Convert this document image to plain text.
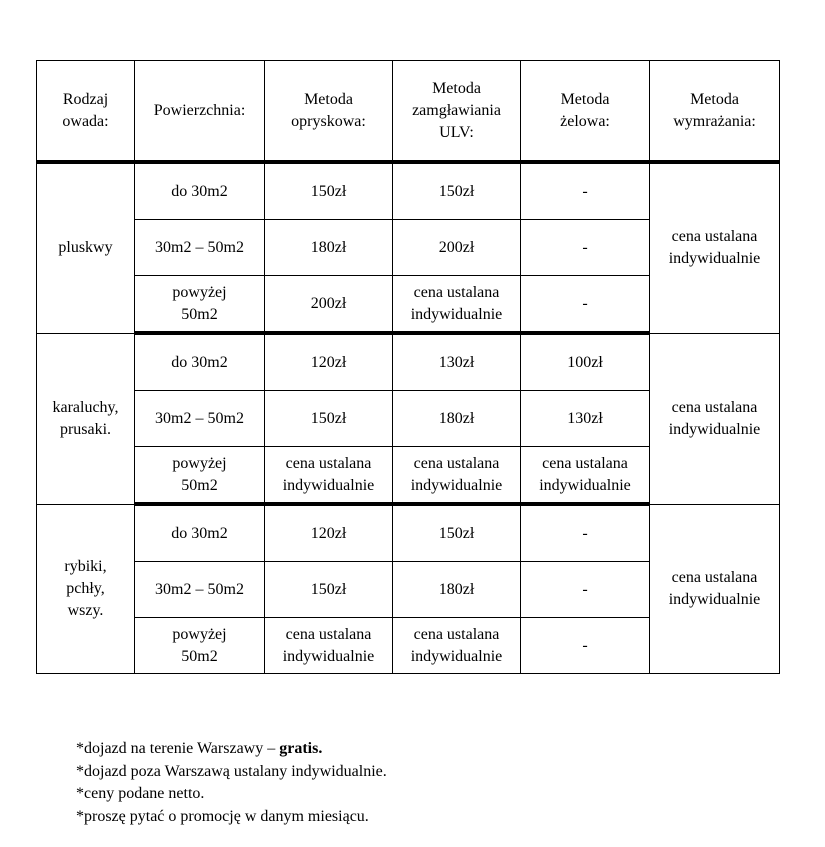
Rodzaj owada:	Powierzchnia:	Metoda opryskowa:	Metoda zamgławiania ULV:	Metoda żelowa:	Metoda wymrażania:
pluskwy	do 30m2	150zł	150zł	-	cena ustalana indywidualnie
	30m2 – 50m2	180zł	200zł	-	
	powyżej 50m2	200zł	cena ustalana indywidualnie	-	
karaluchy, prusaki.	do 30m2	120zł	130zł	100zł	cena ustalana indywidualnie
	30m2 – 50m2	150zł	180zł	130zł	
	powyżej 50m2	cena ustalana indywidualnie	cena ustalana indywidualnie	cena ustalana indywidualnie	
rybiki, pchły, wszy.	do 30m2	120zł	150zł	-	cena ustalana indywidualnie
	30m2 – 50m2	150zł	180zł	-	
	powyżej 50m2	cena ustalana indywidualnie	cena ustalana indywidualnie	-	
*dojazd na terenie Warszawy – gratis.
*dojazd poza Warszawą ustalany indywidualnie.
*ceny podane netto.
*proszę pytać o promocję w danym miesiącu.
